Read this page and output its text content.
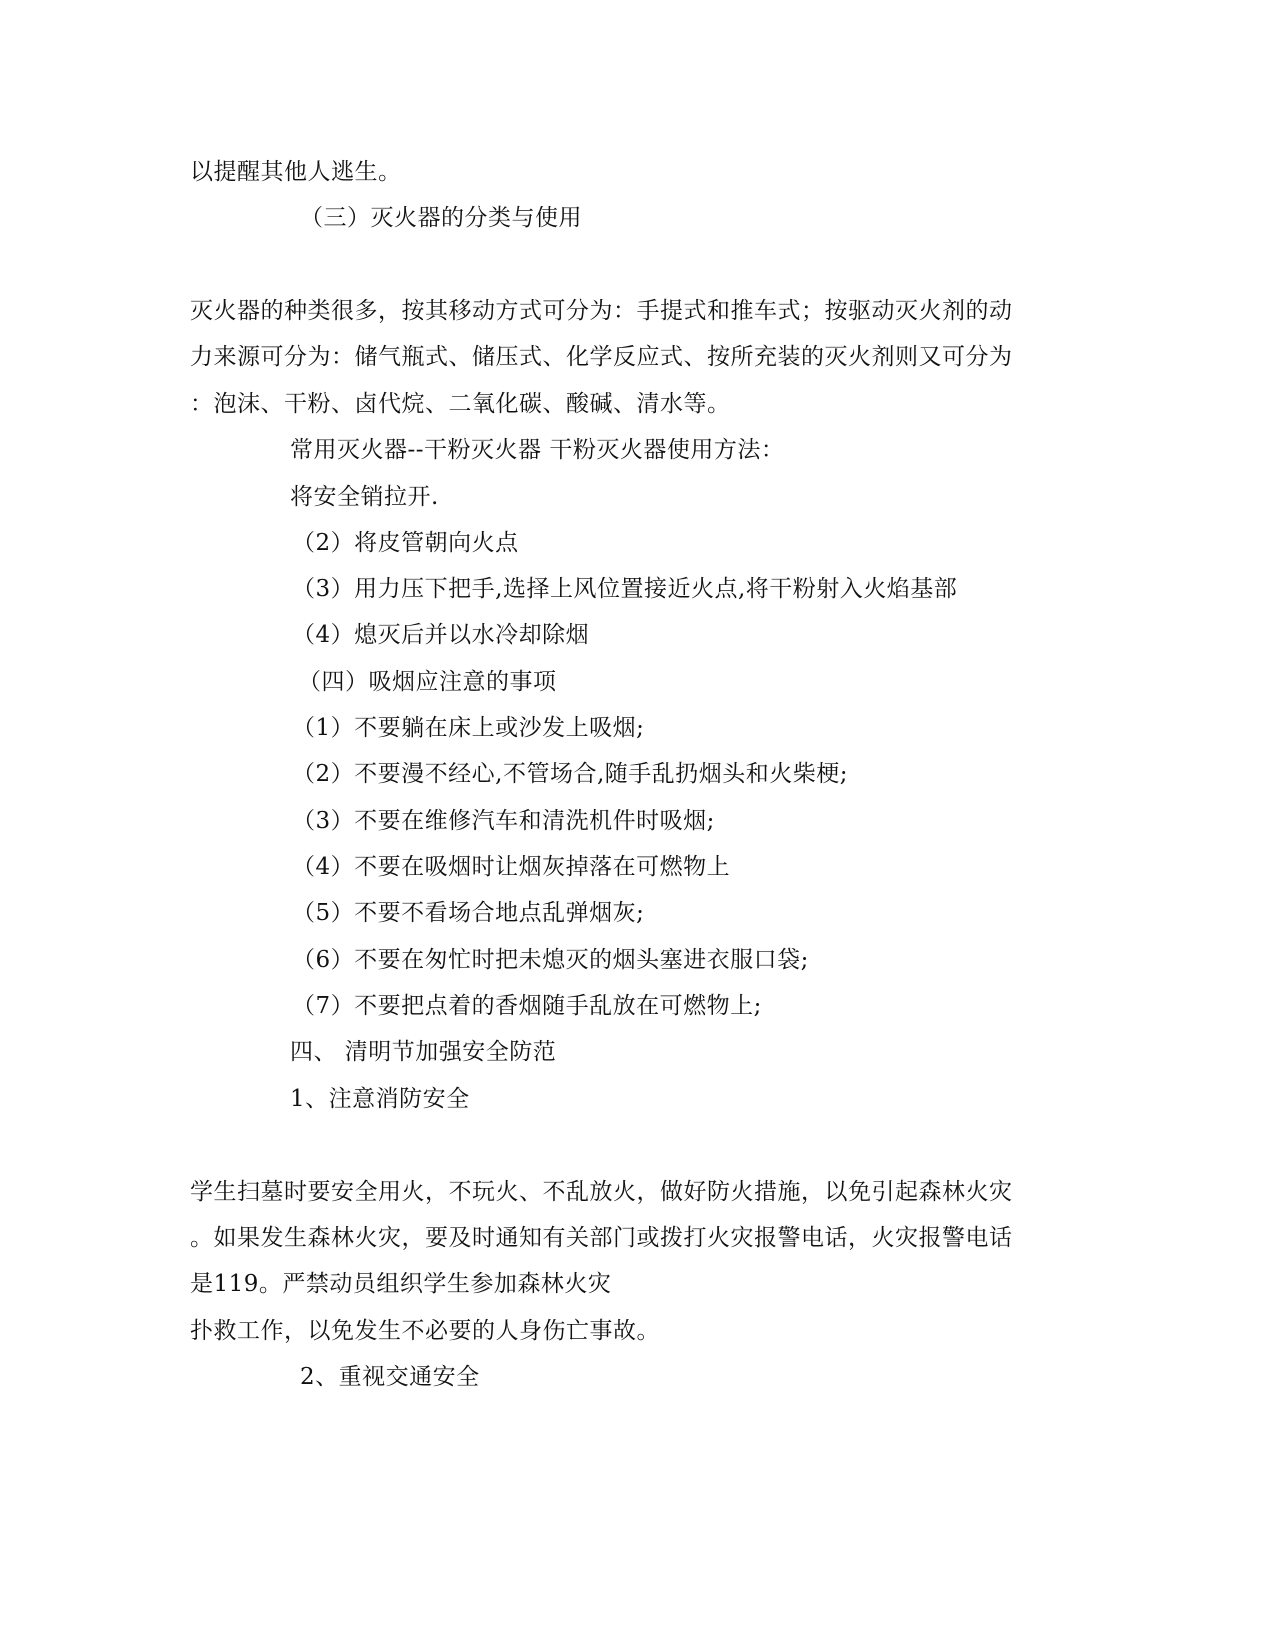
以提醒其他人逃生。
（三）灭火器的分类与使用
灭火器的种类很多，按其移动方式可分为：手提式和推车式；按驱动灭火剂的动
力来源可分为：储气瓶式、储压式、化学反应式、按所充装的灭火剂则又可分为
：泡沫、干粉、卤代烷、二氧化碳、酸碱、清水等。
常用灭火器--干粉灭火器 干粉灭火器使用方法：
将安全销拉开.
（2）将皮管朝向火点
（3）用力压下把手,选择上风位置接近火点,将干粉射入火焰基部
（4）熄灭后并以水冷却除烟
（四）吸烟应注意的事项
（1）不要躺在床上或沙发上吸烟;
（2）不要漫不经心,不管场合,随手乱扔烟头和火柴梗;
（3）不要在维修汽车和清洗机件时吸烟;
（4）不要在吸烟时让烟灰掉落在可燃物上
（5）不要不看场合地点乱弹烟灰;
（6）不要在匆忙时把未熄灭的烟头塞进衣服口袋;
（7）不要把点着的香烟随手乱放在可燃物上;
四、 清明节加强安全防范
1、注意消防安全
学生扫墓时要安全用火，不玩火、不乱放火，做好防火措施，以免引起森林火灾
。如果发生森林火灾，要及时通知有关部门或拨打火灾报警电话，火灾报警电话
是119。严禁动员组织学生参加森林火灾
扑救工作，以免发生不必要的人身伤亡事故。
2、重视交通安全
